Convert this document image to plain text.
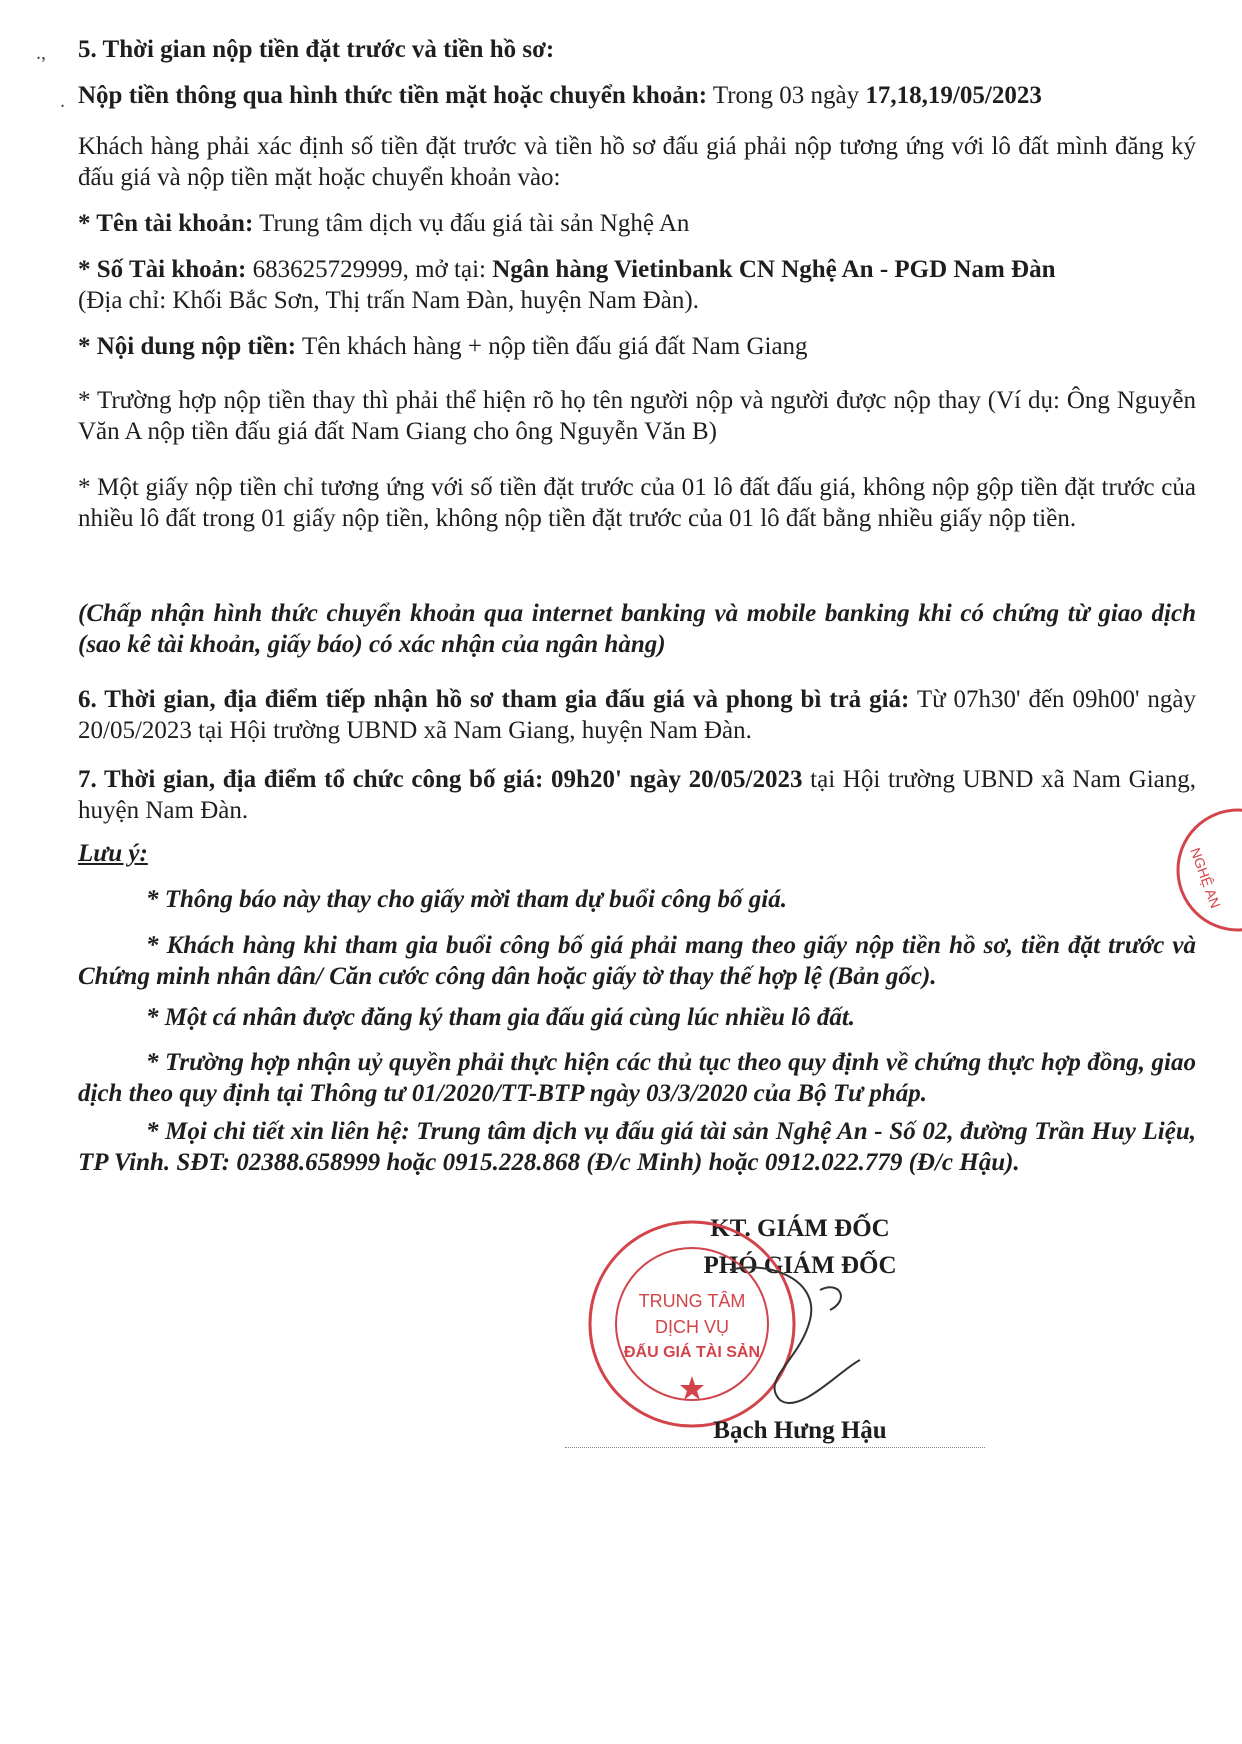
., 5. Thời gian nộp tiền đặt trước và tiền hồ sơ:

. Nộp tiền thông qua hình thức tiền mặt hoặc chuyển khoản: Trong 03 ngày 17,18,19/05/2023

Khách hàng phải xác định số tiền đặt trước và tiền hồ sơ đấu giá phải nộp tương ứng với lô đất mình đăng ký đấu giá và nộp tiền mặt hoặc chuyển khoản vào:

* Tên tài khoản: Trung tâm dịch vụ đấu giá tài sản Nghệ An

* Số Tài khoản: 683625729999, mở tại: Ngân hàng Vietinbank CN Nghệ An - PGD Nam Đàn
(Địa chỉ: Khối Bắc Sơn, Thị trấn Nam Đàn, huyện Nam Đàn).

* Nội dung nộp tiền: Tên khách hàng + nộp tiền đấu giá đất Nam Giang

* Trường hợp nộp tiền thay thì phải thể hiện rõ họ tên người nộp và người được nộp thay (Ví dụ: Ông Nguyễn Văn A nộp tiền đấu giá đất Nam Giang cho ông Nguyễn Văn B)

* Một giấy nộp tiền chỉ tương ứng với số tiền đặt trước của 01 lô đất đấu giá, không nộp gộp tiền đặt trước của nhiều lô đất trong 01 giấy nộp tiền, không nộp tiền đặt trước của 01 lô đất bằng nhiều giấy nộp tiền.

(Chấp nhận hình thức chuyển khoản qua internet banking và mobile banking khi có chứng từ giao dịch (sao kê tài khoản, giấy báo) có xác nhận của ngân hàng)

6. Thời gian, địa điểm tiếp nhận hồ sơ tham gia đấu giá và phong bì trả giá: Từ 07h30' đến 09h00' ngày 20/05/2023 tại Hội trường UBND xã Nam Giang, huyện Nam Đàn.

7. Thời gian, địa điểm tổ chức công bố giá: 09h20' ngày 20/05/2023 tại Hội trường UBND xã Nam Giang, huyện Nam Đàn.

Lưu ý:

* Thông báo này thay cho giấy mời tham dự buổi công bố giá.

* Khách hàng khi tham gia buổi công bố giá phải mang theo giấy nộp tiền hồ sơ, tiền đặt trước và Chứng minh nhân dân/ Căn cước công dân hoặc giấy tờ thay thế hợp lệ (Bản gốc).

* Một cá nhân được đăng ký tham gia đấu giá cùng lúc nhiều lô đất.

* Trường hợp nhận uỷ quyền phải thực hiện các thủ tục theo quy định về chứng thực hợp đồng, giao dịch theo quy định tại Thông tư 01/2020/TT-BTP ngày 03/3/2020 của Bộ Tư pháp.

* Mọi chi tiết xin liên hệ: Trung tâm dịch vụ đấu giá tài sản Nghệ An - Số 02, đường Trần Huy Liệu, TP Vinh. SĐT: 02388.658999 hoặc 0915.228.868 (Đ/c Minh) hoặc 0912.022.779 (Đ/c Hậu).

NGHỆ AN
KT. GIÁM ĐỐC
PHÓ GIÁM ĐỐC
TRUNG TÂM
DỊCH VỤ
ĐẤU GIÁ TÀI SẢN
Bạch Hưng Hậu
